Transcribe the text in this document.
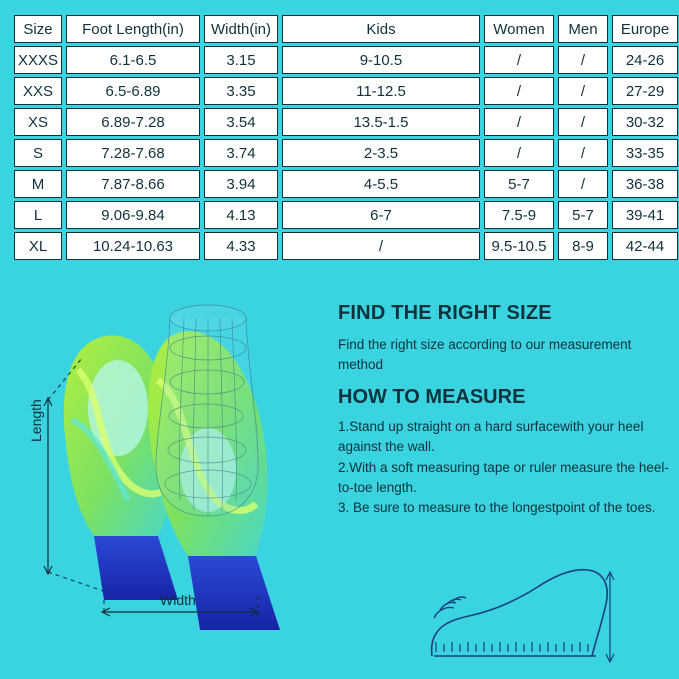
Size	Foot Length(in)	Width(in)	Kids	Women	Men	Europe
XXXS	6.1-6.5	3.15	9-10.5	/	/	24-26
XXS	6.5-6.89	3.35	11-12.5	/	/	27-29
XS	6.89-7.28	3.54	13.5-1.5	/	/	30-32
S	7.28-7.68	3.74	2-3.5	/	/	33-35
M	7.87-8.66	3.94	4-5.5	5-7	/	36-38
L	9.06-9.84	4.13	6-7	7.5-9	5-7	39-41
XL	10.24-10.63	4.33	/	9.5-10.5	8-9	42-44
Length
Width
FIND THE RIGHT SIZE

Find the right size according to our measurement method

HOW TO MEASURE

1.Stand up straight on a hard surfacewith your heel against the wall.

2.With a soft measuring tape or ruler measure the heel-to-toe length.

3. Be sure to measure to the longestpoint of the toes.
